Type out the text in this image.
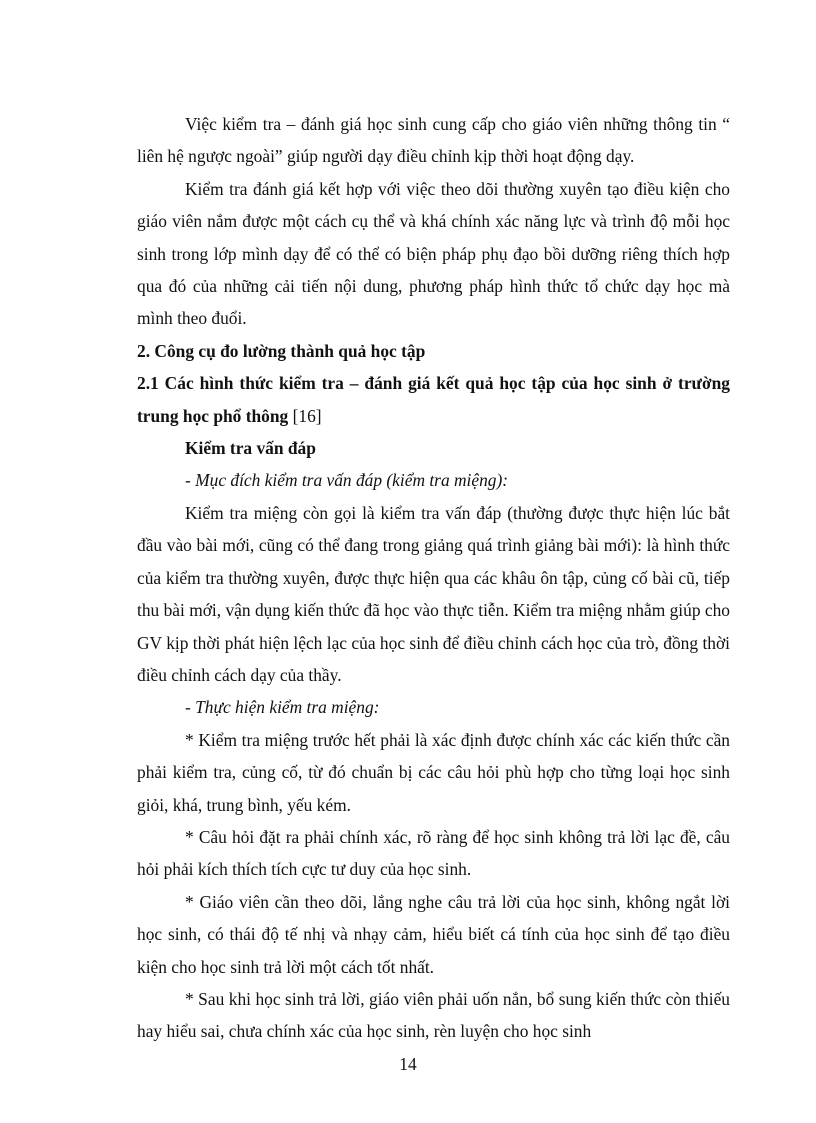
Việc kiểm tra – đánh giá học sinh cung cấp cho giáo viên những thông tin “ liên hệ ngược ngoài” giúp người dạy điều chỉnh kịp thời hoạt động dạy.

Kiểm tra đánh giá kết hợp với việc theo dõi thường xuyên tạo điều kiện cho giáo viên nắm được một cách cụ thể và khá chính xác năng lực và trình độ mỗi học sinh trong lớp mình dạy để có thể có biện pháp phụ đạo bồi dưỡng riêng thích hợp qua đó của những cải tiến nội dung, phương pháp hình thức tổ chức dạy học mà mình theo đuổi.

2. Công cụ đo lường thành quả học tập

2.1 Các hình thức kiểm tra – đánh giá kết quả học tập của học sinh ở trường trung học phổ thông [16]

Kiểm tra vấn đáp

- Mục đích kiểm tra vấn đáp (kiểm tra miệng):

Kiểm tra miệng còn gọi là kiểm tra vấn đáp (thường được thực hiện lúc bắt đầu vào bài mới, cũng có thể đang trong giảng quá trình giảng bài mới): là hình thức của kiểm tra thường xuyên, được thực hiện qua các khâu ôn tập, củng cố bài cũ, tiếp thu bài mới, vận dụng kiến thức đã học vào thực tiễn. Kiểm tra miệng nhằm giúp cho GV kịp thời phát hiện lệch lạc của học sinh để điều chỉnh cách học của trò, đồng thời điều chỉnh cách dạy của thầy.

- Thực hiện kiểm tra miệng:

* Kiểm tra miệng trước hết phải là xác định được chính xác các kiến thức cần phải kiểm tra, củng cố, từ đó chuẩn bị các câu hỏi phù hợp cho từng loại học sinh giỏi, khá, trung bình, yếu kém.

* Câu hỏi đặt ra phải chính xác, rõ ràng để học sinh không trả lời lạc đề, câu hỏi phải kích thích tích cực tư duy của học sinh.

* Giáo viên cần theo dõi, lắng nghe câu trả lời của học sinh, không ngắt lời học sinh, có thái độ tế nhị và nhạy cảm, hiểu biết cá tính của học sinh để tạo điều kiện cho học sinh trả lời một cách tốt nhất.

* Sau khi học sinh trả lời, giáo viên phải uốn nắn, bổ sung kiến thức còn thiếu hay hiểu sai, chưa chính xác của học sinh, rèn luyện cho học sinh

14
